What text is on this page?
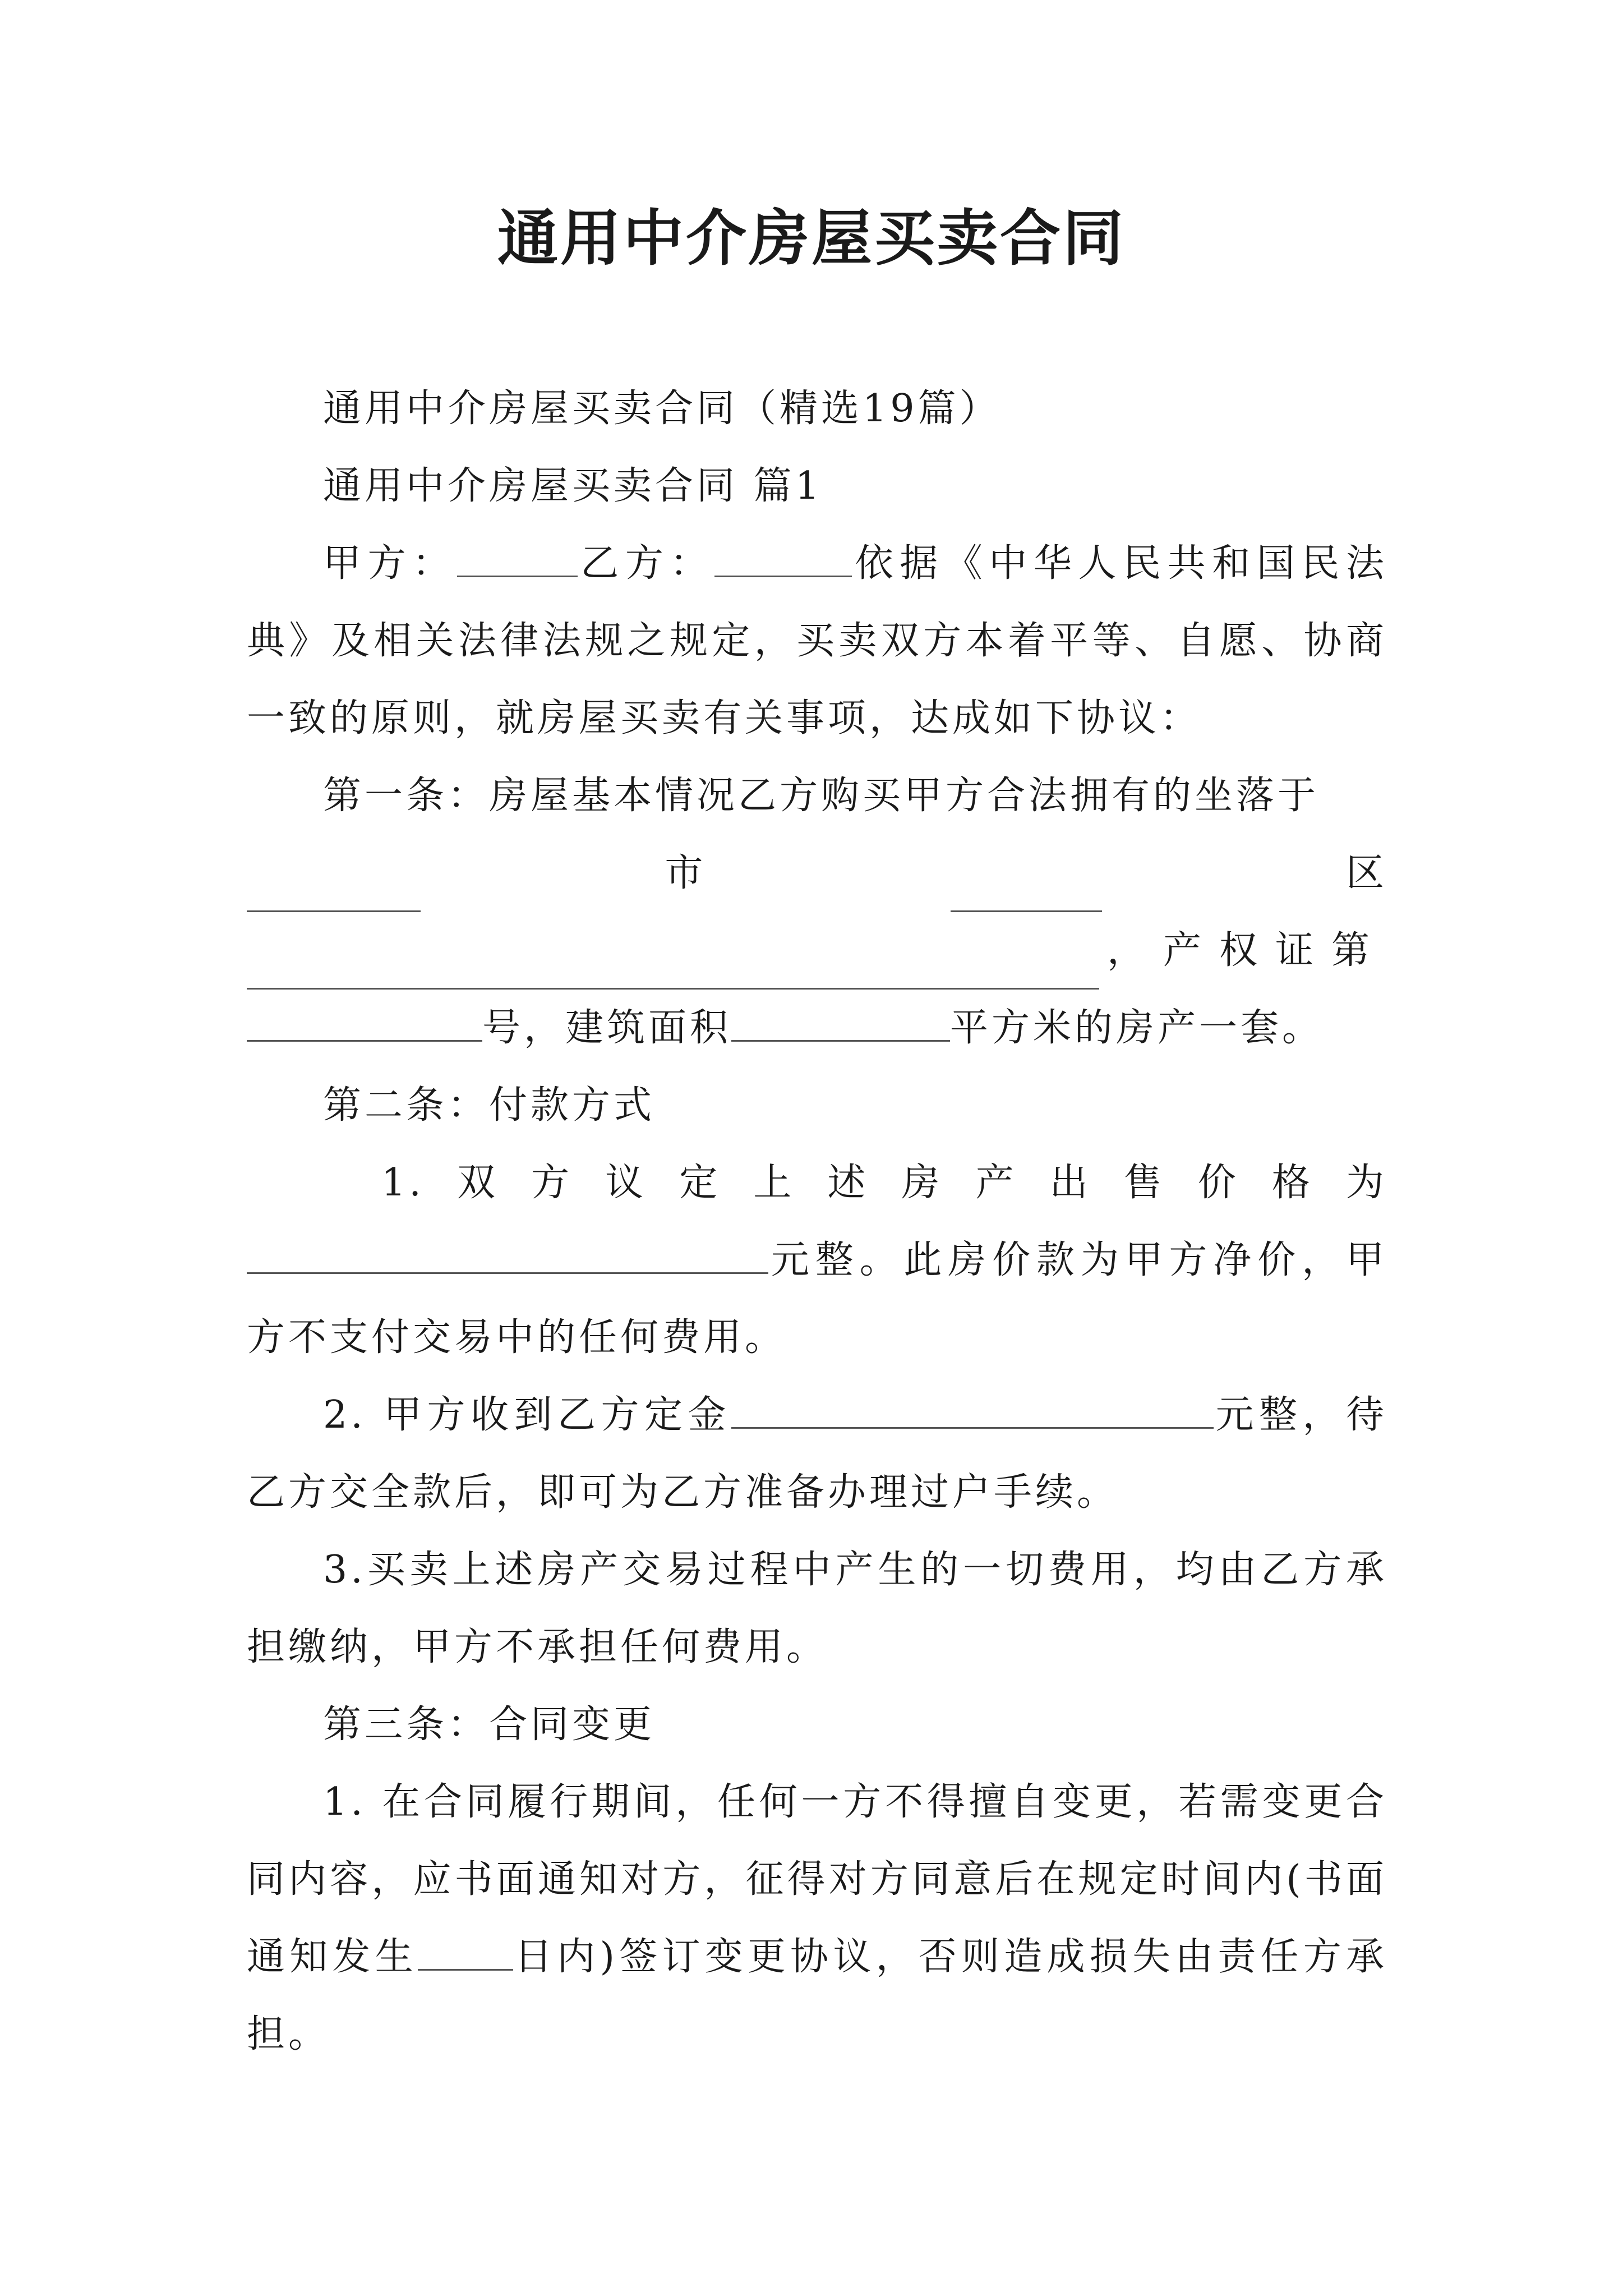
通用中介房屋买卖合同

通用中介房屋买卖合同（精选19篇）

通用中介房屋买卖合同 篇1

甲方：	乙方：	依据《中华人民共和国民法典》及相关法律法规之规定，买卖双方本着平等、自愿、协商一致的原则，就房屋买卖有关事项，达成如下协议：

第一条：房屋基本情况乙方购买甲方合法拥有的坐落于

市	区
，产权证第

号，建筑面积	平方米的房产一套。

第二条：付款方式

1. 双 方 议 定 上 述 房 产 出 售 价 格 为

元整。此房价款为甲方净价，甲方不支付交易中的任何费用。

2. 甲方收到乙方定金	元整，待乙方交全款后，即可为乙方准备办理过户手续。

3.买卖上述房产交易过程中产生的一切费用，均由乙方承担缴纳，甲方不承担任何费用。

第三条：合同变更

1. 在合同履行期间，任何一方不得擅自变更，若需变更合同内容，应书面通知对方，征得对方同意后在规定时间内(书面通知发生	日内)签订变更协议，否则造成损失由责任方承担。
